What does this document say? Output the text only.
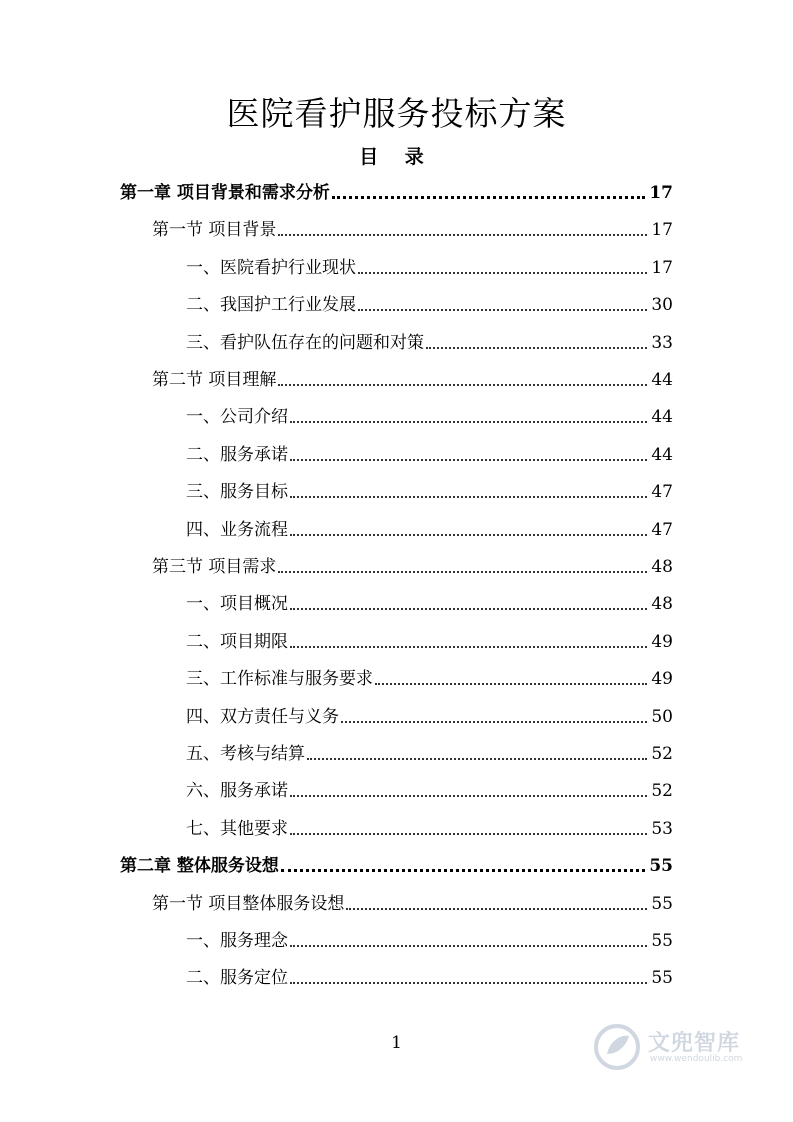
医院看护服务投标方案
目 录
第一章 项目背景和需求分析	17
第一节 项目背景	17
一、医院看护行业现状	17
二、我国护工行业发展	30
三、看护队伍存在的问题和对策	33
第二节 项目理解	44
一、公司介绍	44
二、服务承诺	44
三、服务目标	47
四、业务流程	47
第三节 项目需求	48
一、项目概况	48
二、项目期限	49
三、工作标准与服务要求	49
四、双方责任与义务	50
五、考核与结算	52
六、服务承诺	52
七、其他要求	53
第二章 整体服务设想	55
第一节 项目整体服务设想	55
一、服务理念	55
二、服务定位	55
1	文兜智库
www.wendoulib.com
